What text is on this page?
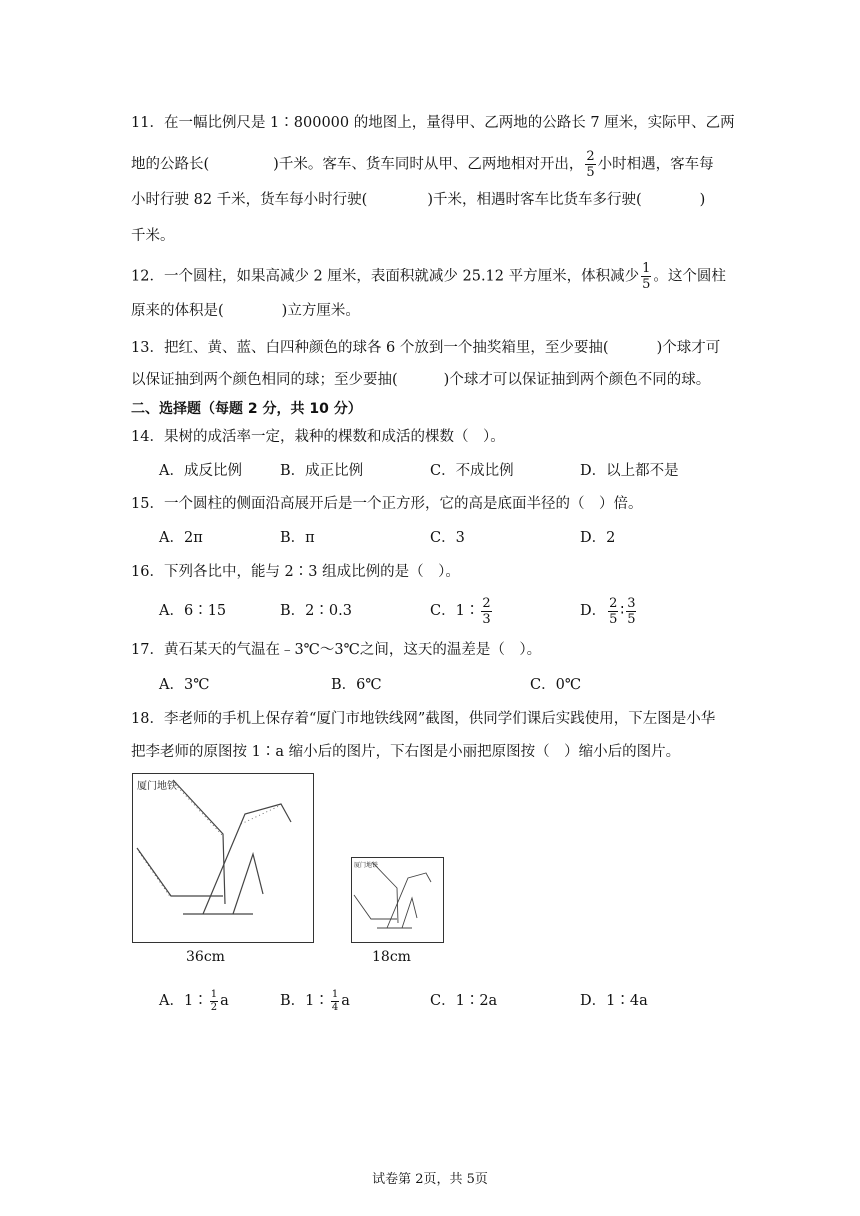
11．在一幅比例尺是 1∶800000 的地图上，量得甲、乙两地的公路长 7 厘米，实际甲、乙两
地的公路长(	)千米。客车、货车同时从甲、乙两地相对开出， $\frac{2}{5}$ 小时相遇，客车每
小时行驶 82 千米，货车每小时行驶(	)千米，相遇时客车比货车多行驶(	)
千米。
12．一个圆柱，如果高减少 2 厘米，表面积就减少 25.12 平方厘米，体积减少 $\frac{1}{5}$ 。这个圆柱
原来的体积是(	)立方厘米。
13．把红、黄、蓝、白四种颜色的球各 6 个放到一个抽奖箱里，至少要抽(	)个球才可
以保证抽到两个颜色相同的球；至少要抽(	)个球才可以保证抽到两个颜色不同的球。
二、选择题（每题 2 分，共 10 分）
14．果树的成活率一定，栽种的棵数和成活的棵数（　）。
A．成反比例	B．成正比例	C．不成比例	D．以上都不是
15．一个圆柱的侧面沿高展开后是一个正方形，它的高是底面半径的（　）倍。
A．2π	B．π	C．3	D．2
16．下列各比中，能与 2∶3 组成比例的是（　）。
A．6∶15	B．2∶0.3	C．1∶ $\frac{2}{3}$	D． $\frac{2}{5}$ ∶ $\frac{3}{5}$
17．黄石某天的气温在﹣3℃～3℃之间，这天的温差是（　）。
A．3℃	B．6℃	C．0℃
18．李老师的手机上保存着“厦门市地铁线网”截图，供同学们课后实践使用，下左图是小华
把李老师的原图按 1∶a 缩小后的图片，下右图是小丽把原图按（　）缩小后的图片。
厦门地铁
36cm
厦门地铁
18cm
A．1∶ $\frac{1}{2}$ a	B．1∶ $\frac{1}{4}$ a	C．1∶2a	D．1∶4a
试卷第 2页，共 5页
